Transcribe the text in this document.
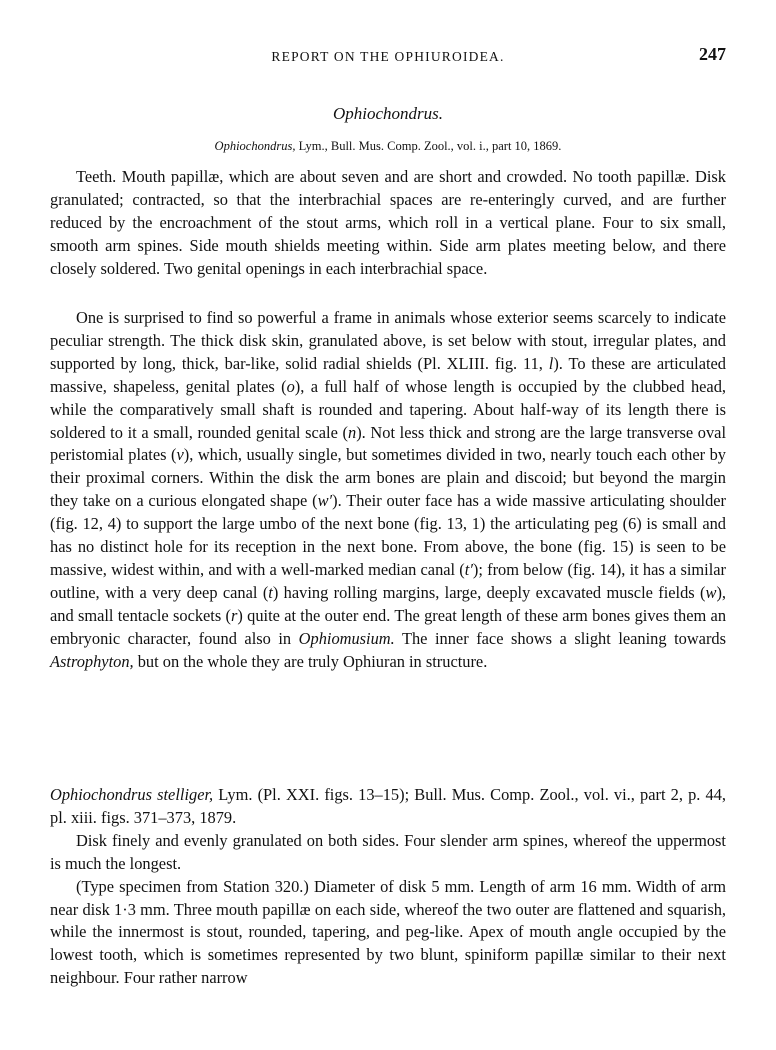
REPORT ON THE OPHIUROIDEA.	247
Ophiochondrus.
Ophiochondrus, Lym., Bull. Mus. Comp. Zool., vol. i., part 10, 1869.

Teeth. Mouth papillæ, which are about seven and are short and crowded. No tooth papillæ. Disk granulated; contracted, so that the interbrachial spaces are re-enteringly curved, and are further reduced by the encroachment of the stout arms, which roll in a vertical plane. Four to six small, smooth arm spines. Side mouth shields meeting within. Side arm plates meeting below, and there closely soldered. Two genital openings in each interbrachial space.

One is surprised to find so powerful a frame in animals whose exterior seems scarcely to indicate peculiar strength. The thick disk skin, granulated above, is set below with stout, irregular plates, and supported by long, thick, bar-like, solid radial shields (Pl. XLIII. fig. 11, l). To these are articulated massive, shapeless, genital plates (o), a full half of whose length is occupied by the clubbed head, while the comparatively small shaft is rounded and tapering. About half-way of its length there is soldered to it a small, rounded genital scale (n). Not less thick and strong are the large transverse oval peristomial plates (v), which, usually single, but sometimes divided in two, nearly touch each other by their proximal corners. Within the disk the arm bones are plain and discoid; but beyond the margin they take on a curious elongated shape (w′). Their outer face has a wide massive articulating shoulder (fig. 12, 4) to support the large umbo of the next bone (fig. 13, 1) the articulating peg (6) is small and has no distinct hole for its reception in the next bone. From above, the bone (fig. 15) is seen to be massive, widest within, and with a well-marked median canal (t′); from below (fig. 14), it has a similar outline, with a very deep canal (t) having rolling margins, large, deeply excavated muscle fields (w), and small tentacle sockets (r) quite at the outer end. The great length of these arm bones gives them an embryonic character, found also in Ophiomusium. The inner face shows a slight leaning towards Astrophyton, but on the whole they are truly Ophiuran in structure.

Ophiochondrus stelliger, Lym. (Pl. XXI. figs. 13–15); Bull. Mus. Comp. Zool., vol. vi., part 2, p. 44, pl. xiii. figs. 371–373, 1879.

Disk finely and evenly granulated on both sides. Four slender arm spines, whereof the uppermost is much the longest.

(Type specimen from Station 320.) Diameter of disk 5 mm. Length of arm 16 mm. Width of arm near disk 1·3 mm. Three mouth papillæ on each side, whereof the two outer are flattened and squarish, while the innermost is stout, rounded, tapering, and peg-like. Apex of mouth angle occupied by the lowest tooth, which is sometimes represented by two blunt, spiniform papillæ similar to their next neighbour. Four rather narrow
